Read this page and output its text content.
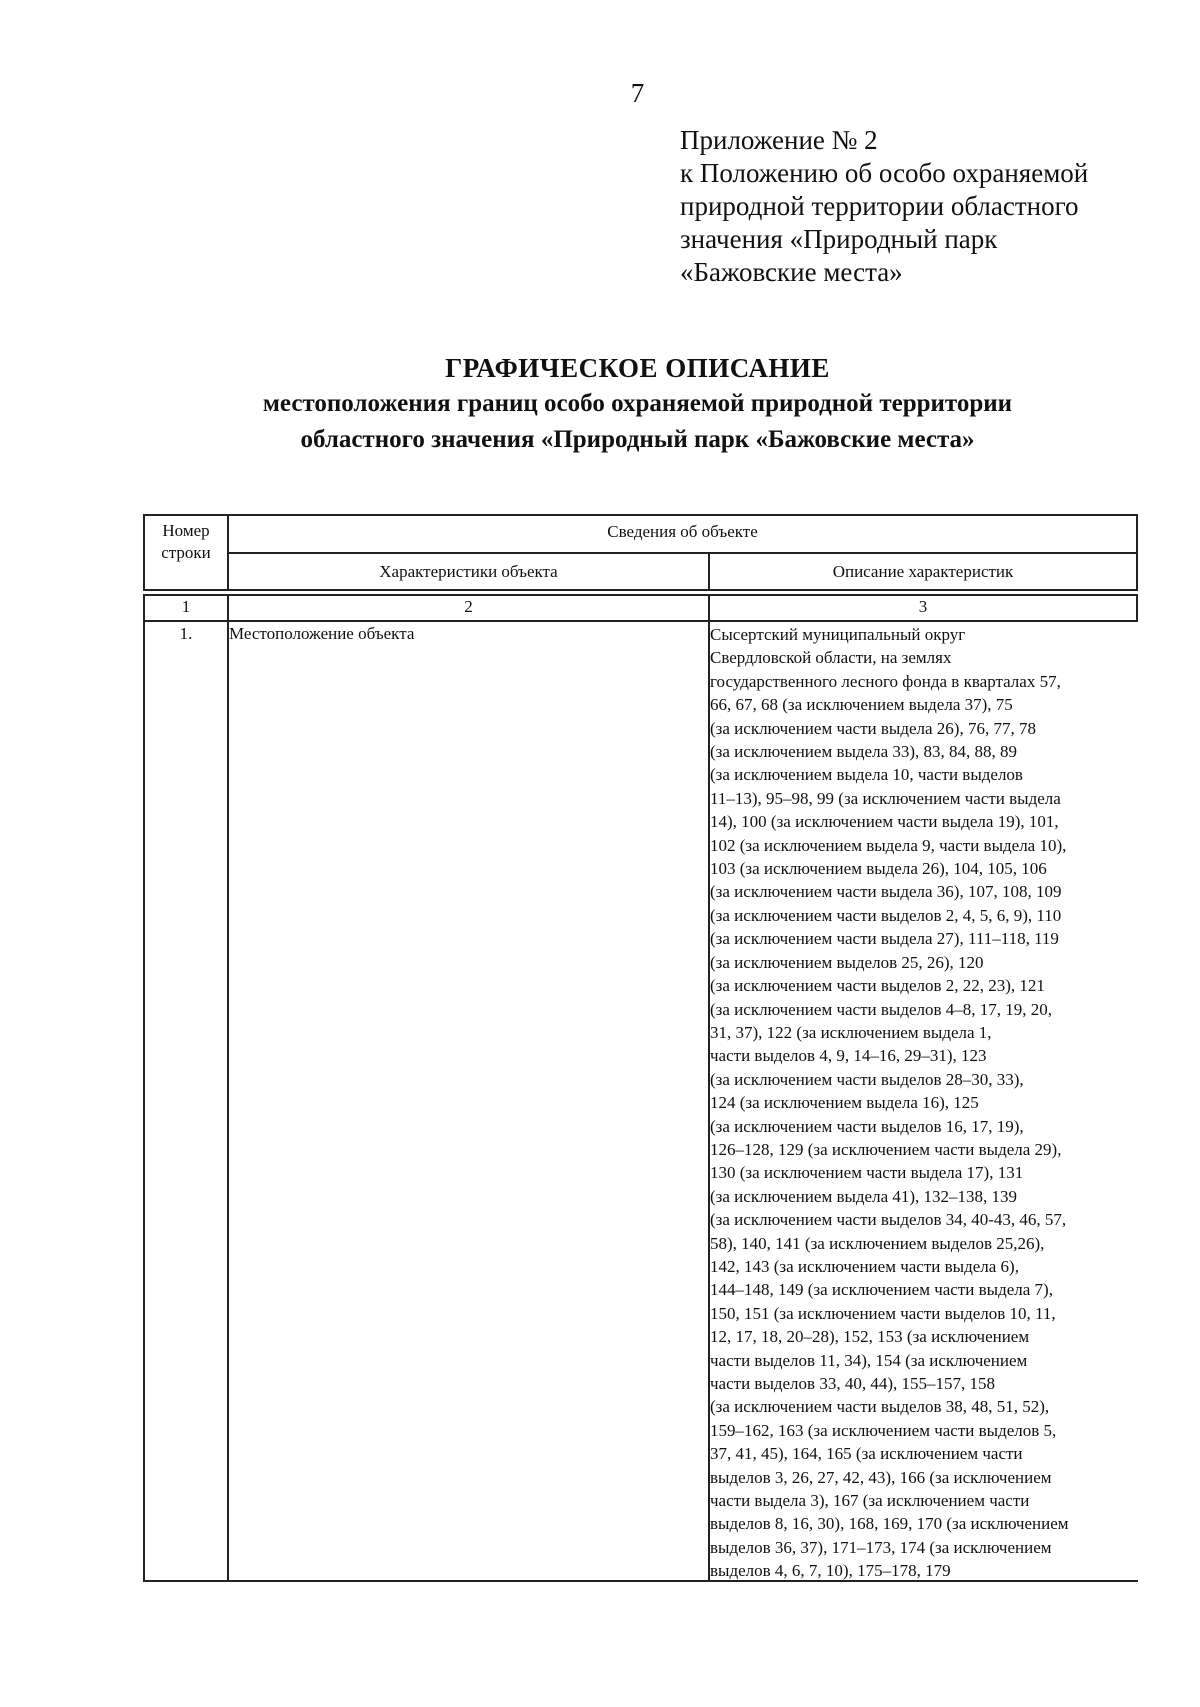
7
Приложение № 2
к Положению об особо охраняемой
природной территории областного
значения «Природный парк
«Бажовские места»
ГРАФИЧЕСКОЕ ОПИСАНИЕ
местоположения границ особо охраняемой природной территории
областного значения «Природный парк «Бажовские места»
Номер
строки
Сведения об объекте
Характеристики объекта	Описание характеристик
1	2	3
1.	Местоположение объекта	Сысертский муниципальный округ
Свердловской области, на землях
государственного лесного фонда в кварталах 57,
66, 67, 68 (за исключением выдела 37), 75
(за исключением части выдела 26), 76, 77, 78
(за исключением выдела 33), 83, 84, 88, 89
(за исключением выдела 10, части выделов
11–13), 95–98, 99 (за исключением части выдела
14), 100 (за исключением части выдела 19), 101,
102 (за исключением выдела 9, части выдела 10),
103 (за исключением выдела 26), 104, 105, 106
(за исключением части выдела 36), 107, 108, 109
(за исключением части выделов 2, 4, 5, 6, 9), 110
(за исключением части выдела 27), 111–118, 119
(за исключением выделов 25, 26), 120
(за исключением части выделов 2, 22, 23), 121
(за исключением части выделов 4–8, 17, 19, 20,
31, 37), 122 (за исключением выдела 1,
части выделов 4, 9, 14–16, 29–31), 123
(за исключением части выделов 28–30, 33),
124 (за исключением выдела 16), 125
(за исключением части выделов 16, 17, 19),
126–128, 129 (за исключением части выдела 29),
130 (за исключением части выдела 17), 131
(за исключением выдела 41), 132–138, 139
(за исключением части выделов 34, 40-43, 46, 57,
58), 140, 141 (за исключением выделов 25,26),
142, 143 (за исключением части выдела 6),
144–148, 149 (за исключением части выдела 7),
150, 151 (за исключением части выделов 10, 11,
12, 17, 18, 20–28), 152, 153 (за исключением
части выделов 11, 34), 154 (за исключением
части выделов 33, 40, 44), 155–157, 158
(за исключением части выделов 38, 48, 51, 52),
159–162, 163 (за исключением части выделов 5,
37, 41, 45), 164, 165 (за исключением части
выделов 3, 26, 27, 42, 43), 166 (за исключением
части выдела 3), 167 (за исключением части
выделов 8, 16, 30), 168, 169, 170 (за исключением
выделов 36, 37), 171–173, 174 (за исключением
выделов 4, 6, 7, 10), 175–178, 179
